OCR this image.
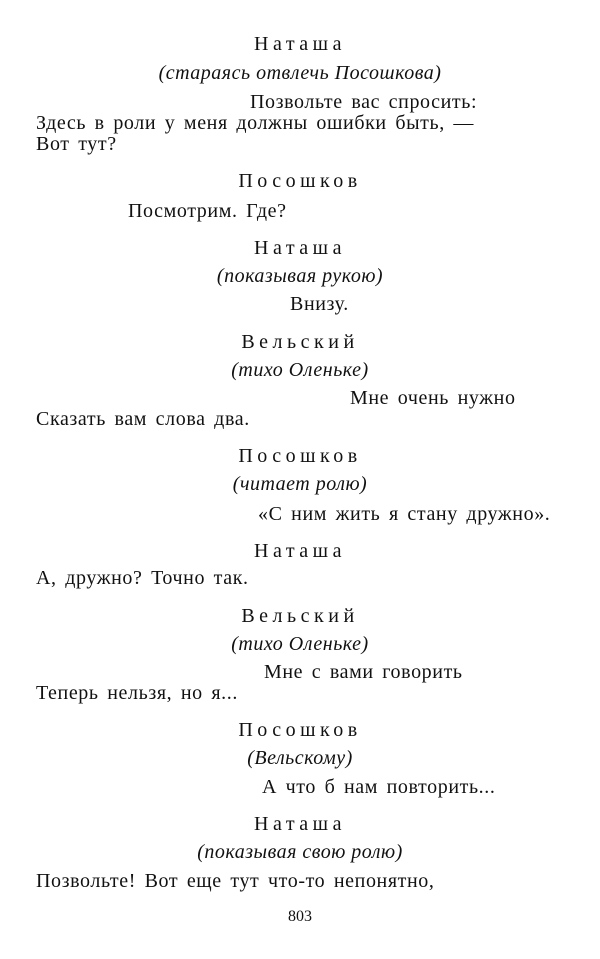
Наташа
(стараясь отвлечь Посошкова)
Позвольте вас спросить:
Здесь в роли у меня должны ошибки быть, —
Вот тут?
Посошков
Посмотрим. Где?
Наташа
(показывая рукою)
Внизу.
Вельский
(тихо Оленьке)
Мне очень нужно
Сказать вам слова два.
Посошков
(читает ролю)
«С ним жить я стану дружно».
Наташа
А, дружно? Точно так.
Вельский
(тихо Оленьке)
Мне с вами говорить
Теперь нельзя, но я...
Посошков
(Вельскому)
А что б нам повторить...
Наташа
(показывая свою ролю)
Позвольте! Вот еще тут что-то непонятно,
803
